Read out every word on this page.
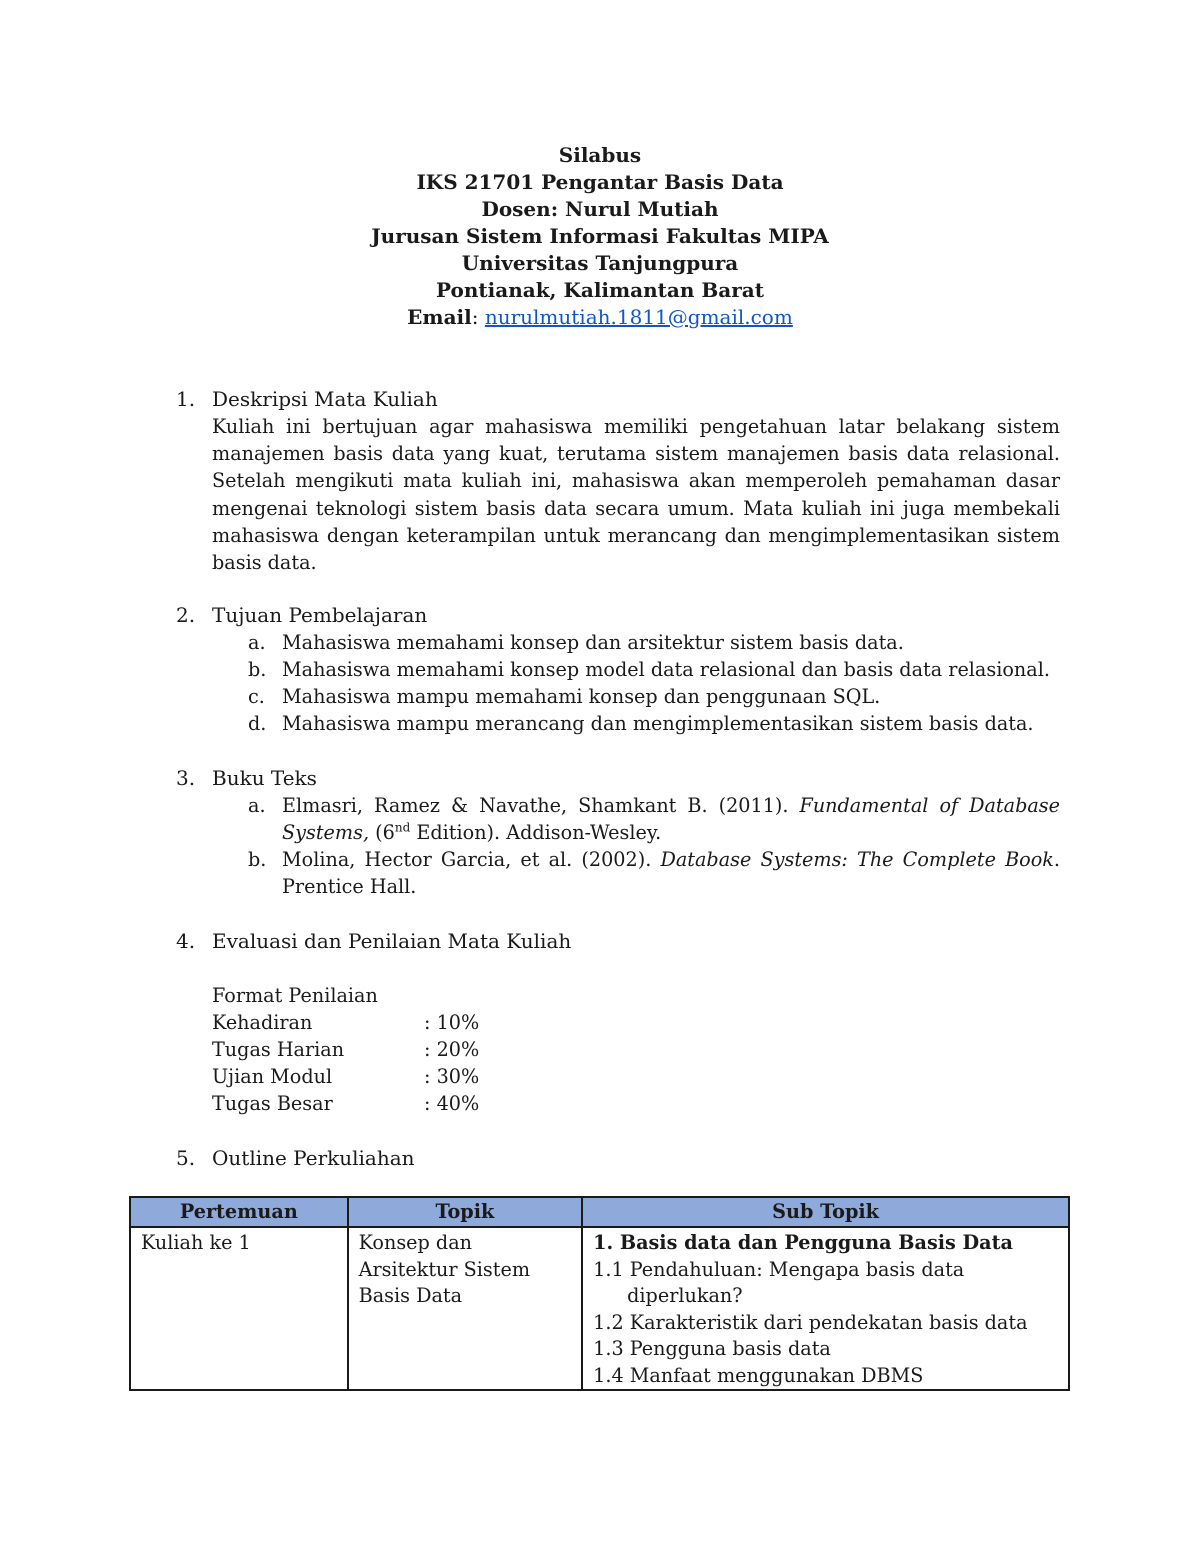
Silabus
IKS 21701 Pengantar Basis Data
Dosen: Nurul Mutiah
Jurusan Sistem Informasi Fakultas MIPA
Universitas Tanjungpura
Pontianak, Kalimantan Barat
Email: nurulmutiah.1811@gmail.com
1. Deskripsi Mata Kuliah
Kuliah ini bertujuan agar mahasiswa memiliki pengetahuan latar belakang sistem manajemen basis data yang kuat, terutama sistem manajemen basis data relasional. Setelah mengikuti mata kuliah ini, mahasiswa akan memperoleh pemahaman dasar mengenai teknologi sistem basis data secara umum. Mata kuliah ini juga membekali mahasiswa dengan keterampilan untuk merancang dan mengimplementasikan sistem basis data.
2. Tujuan Pembelajaran
a. Mahasiswa memahami konsep dan arsitektur sistem basis data.
b. Mahasiswa memahami konsep model data relasional dan basis data relasional.
c. Mahasiswa mampu memahami konsep dan penggunaan SQL.
d. Mahasiswa mampu merancang dan mengimplementasikan sistem basis data.
3. Buku Teks
a. Elmasri, Ramez & Navathe, Shamkant B. (2011). Fundamental of Database Systems, (6nd Edition). Addison-Wesley.
b. Molina, Hector Garcia, et al. (2002). Database Systems: The Complete Book. Prentice Hall.
4. Evaluasi dan Penilaian Mata Kuliah
Format Penilaian
Kehadiran	: 10%
Tugas Harian	: 20%
Ujian Modul	: 30%
Tugas Besar	: 40%
5. Outline Perkuliahan
Pertemuan	Topik	Sub Topik
Kuliah ke 1	Konsep dan Arsitektur Sistem Basis Data	1. Basis data dan Pengguna Basis Data
1.1 Pendahuluan: Mengapa basis data diperlukan?
1.2 Karakteristik dari pendekatan basis data
1.3 Pengguna basis data
1.4 Manfaat menggunakan DBMS
